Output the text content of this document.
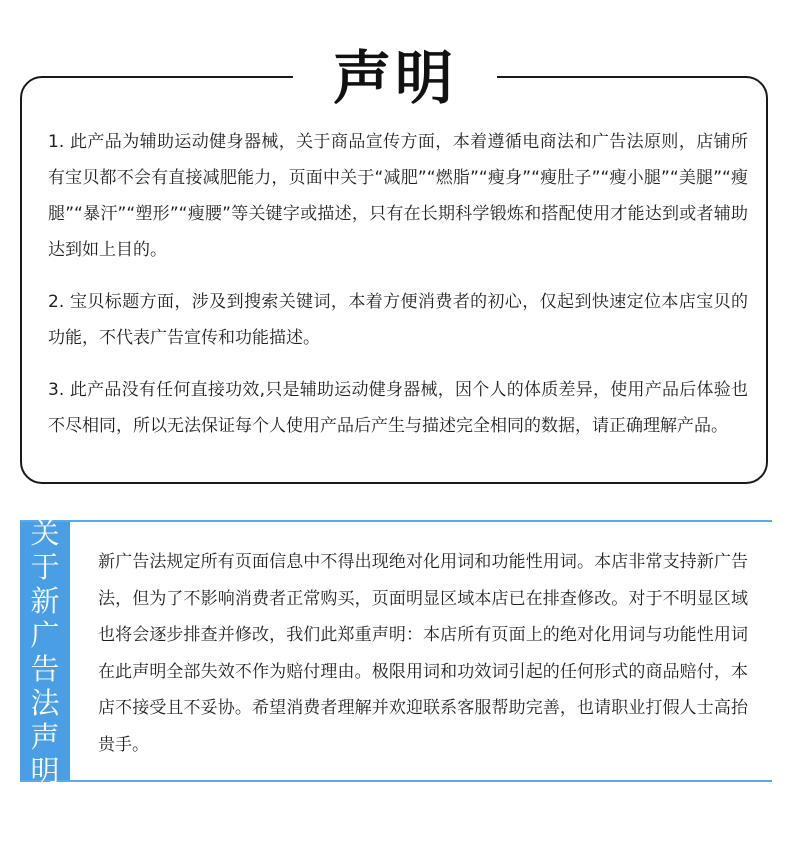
声明

1. 此产品为辅助运动健身器械，关于商品宣传方面，本着遵循电商法和广告法原则，店铺所有宝贝都不会有直接减肥能力，页面中关于“减肥”“燃脂”“瘦身”“瘦肚子”“瘦小腿”“美腿”“瘦腿”“暴汗”“塑形”“瘦腰”等关键字或描述，只有在长期科学锻炼和搭配使用才能达到或者辅助达到如上目的。

2. 宝贝标题方面，涉及到搜索关键词，本着方便消费者的初心，仅起到快速定位本店宝贝的功能，不代表广告宣传和功能描述。

3. 此产品没有任何直接功效,只是辅助运动健身器械，因个人的体质差异，使用产品后体验也不尽相同，所以无法保证每个人使用产品后产生与描述完全相同的数据，请正确理解产品。

关
于
新
广
告
法
声
明

新广告法规定所有页面信息中不得出现绝对化用词和功能性用词。本店非常支持新广告法，但为了不影响消费者正常购买，页面明显区域本店已在排查修改。对于不明显区域也将会逐步排查并修改，我们此郑重声明：本店所有页面上的绝对化用词与功能性用词在此声明全部失效不作为赔付理由。极限用词和功效词引起的任何形式的商品赔付，本店不接受且不妥协。希望消费者理解并欢迎联系客服帮助完善，也请职业打假人士高抬贵手。
